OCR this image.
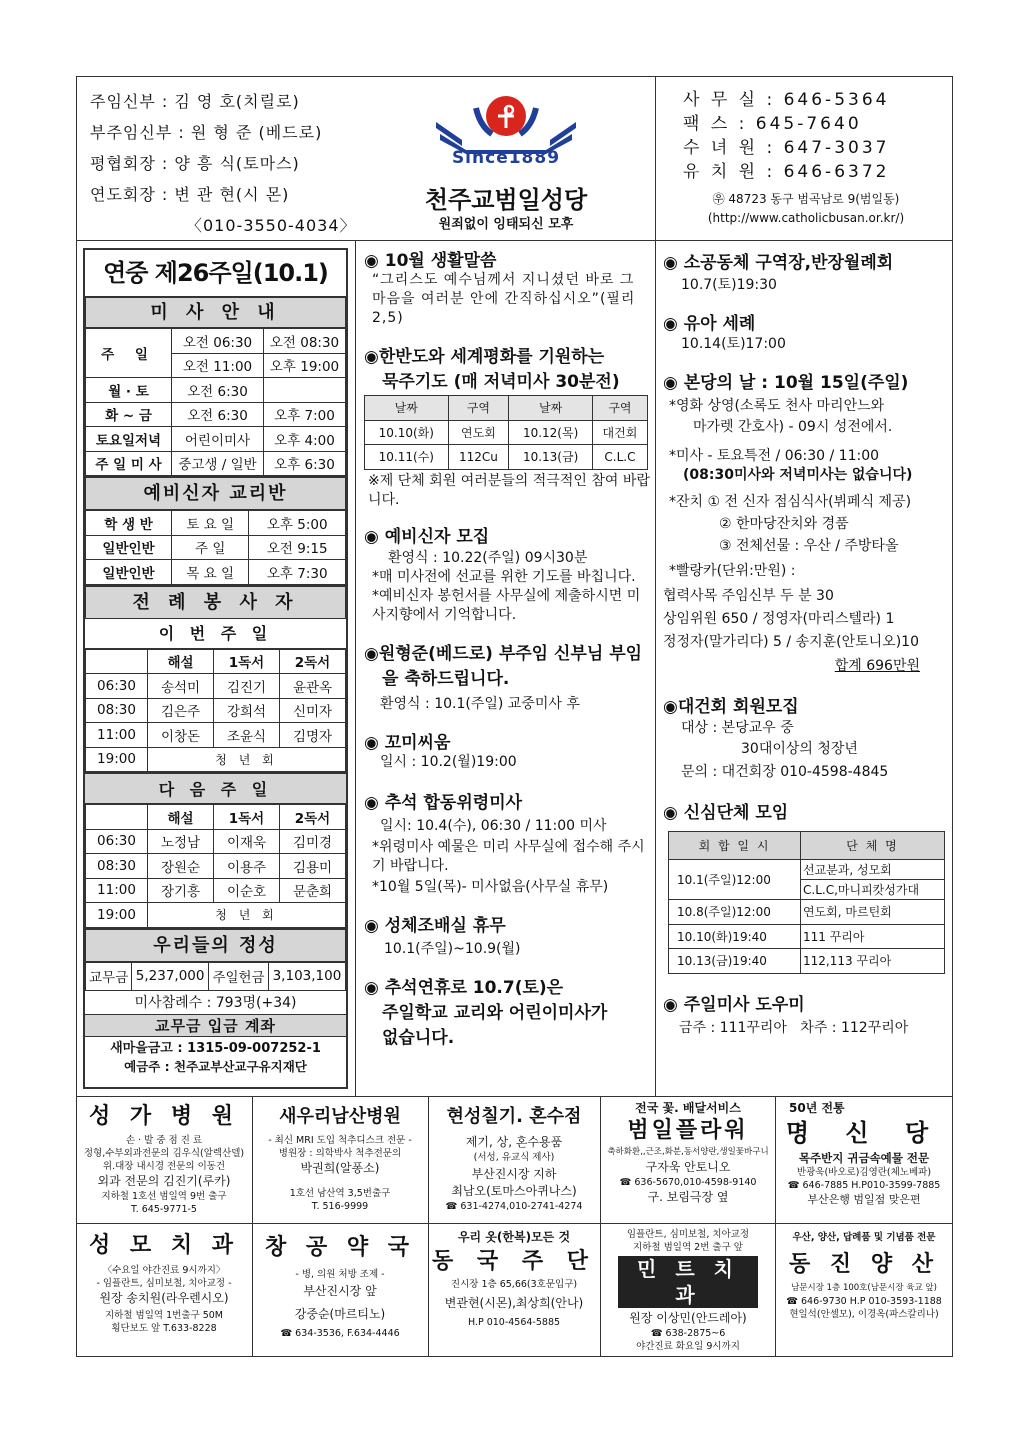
주임신부 : 김 영 호(치릴로)
부주임신부 : 원 형 준 (베드로)
평협회장 : 양 흥 식(토마스)
연도회장 : 변 관 현(시 몬)
〈010-3550-4034〉
Since1889
천주교범일성당
원죄없이 잉태되신 모후
사 무 실 : 646-5364
팩 스 : 645-7640
수 녀 원 : 647-3037
유 치 원 : 646-6372
㉾ 48723 동구 범곡남로 9(범일동)
(http://www.catholicbusan.or.kr/)
연중 제26주일(10.1)
미 사 안 내
주 일	오전 06:30	오전 08:30
	오전 11:00	오후 19:00
월 · 토	오전 6:30	
화 ~ 금	오전 6:30	오후 7:00
토요일저녁	어린이미사	오후 4:00
주 일 미 사	중고생 / 일반	오후 6:30
예비신자 교리반
학 생 반	토 요 일	오후 5:00
일반인반	주 일	오전 9:15
일반인반	목 요 일	오후 7:30
전 례 봉 사 자
이 번 주 일
	해설	1독서	2독서
06:30	송석미	김진기	윤관옥
08:30	김은주	강희석	신미자
11:00	이창돈	조윤식	김명자
19:00	청 년 회		
다 음 주 일
	해설	1독서	2독서
06:30	노정남	이재욱	김미경
08:30	장원순	이용주	김용미
11:00	장기흥	이순호	문춘희
19:00	청 년 회		
우리들의 정성
교무금	5,237,000	주일헌금	3,103,100
미사참례수 : 793명(+34)
교무금 입금 계좌
새마을금고 : 1315-09-007252-1
예금주 : 천주교부산교구유지재단
◉ 10월 생활말씀
“그리스도 예수님께서 지니셨던 바로 그 마음을 여러분 안에 간직하십시오”(필리 2,5)
◉한반도와 세계평화를 기원하는
묵주기도 (매 저녁미사 30분전)
날짜	구역	날짜	구역
10.10(화)	연도회	10.12(목)	대건회
10.11(수)	112Cu	10.13(금)	C.L.C
※제 단체 회원 여러분들의 적극적인 참여 바랍니다.
◉ 예비신자 모집
환영식 : 10.22(주일) 09시30분
*매 미사전에 선교를 위한 기도를 바칩니다.
*예비신자 봉헌서를 사무실에 제출하시면 미사지향에서 기억합니다.
◉원형준(베드로) 부주임 신부님 부임
을 축하드립니다.
환영식 : 10.1(주일) 교중미사 후
◉ 꼬미씨움
일시 : 10.2(월)19:00
◉ 추석 합동위령미사
일시: 10.4(수), 06:30 / 11:00 미사
*위령미사 예물은 미리 사무실에 접수해 주시기 바랍니다.
*10월 5일(목)- 미사없음(사무실 휴무)
◉ 성체조배실 휴무
10.1(주일)~10.9(월)
◉ 추석연휴로 10.7(토)은
주일학교 교리와 어린이미사가
없습니다.
◉ 소공동체 구역장,반장월례회
10.7(토)19:30
◉ 유아 세례
10.14(토)17:00
◉ 본당의 날 : 10월 15일(주일)
*영화 상영(소록도 천사 마리안느와
마가렛 간호사) - 09시 성전에서.
*미사 - 토요특전 / 06:30 / 11:00
(08:30미사와 저녁미사는 없습니다)
*잔치 ① 전 신자 점심식사(뷔페식 제공)
② 한마당잔치와 경품
③ 전체선물 : 우산 / 주방타올
*빨랑카(단위:만원) :
협력사목 주임신부 두 분 30
상임위원 650 / 정영자(마리스텔라) 1
정정자(말가리다) 5 / 송지훈(안토니오)10
합계 696만원
◉대건회 회원모집
대상 : 본당교우 중
30대이상의 청장년
문의 : 대건회장 010-4598-4845
◉ 신심단체 모임
회 합 일 시	단 체 명
10.1(주일)12:00	선교분과, 성모회
	C.L.C,마니피캇성가대
10.8(주일)12:00	연도회, 마르틴회
10.10(화)19:40	111 꾸리아
10.13(금)19:40	112,113 꾸리아
◉ 주일미사 도우미
금주 : 111꾸리아   차주 : 112꾸리아
성 가 병 원
손 · 발 중 점 진 료
정형,수부외과전문의 김우식(알렉산델)
위.대장 내시경 전문의 이동건
외과 전문의 김진기(루카)
지하철 1호선 범일역 9번 출구
T. 645-9771-5
새우리남산병원
- 최신 MRI 도입 척추디스크 전문 -
병원장 : 의학박사 척추전문의
박권희(알퐁소)
1호선 남산역 3,5번출구
T. 516-9999
현성칠기. 혼수점
제기, 상, 혼수용품
(서성, 유교식 제사)
부산진시장 지하
최남오(토마스아퀴나스)
☎ 631-4274,010-2741-4274
전국 꽃. 배달서비스
범일플라워
축하화환,,근조,화분,동서양란,생일꽃바구니
구자욱 안토니오
☎ 636-5670,010-4598-9140
구. 보림극장 옆
50년 전통
명 신 당
목주반지 귀금속예물 전문
반광욱(바오로)김영란(체노베파)
☎ 646-7885 H.P010-3599-7885
부산은행 범일점 맞은편
성 모 치 과
〈수요일 야간진료 9시까지〉
- 임플란트, 심미보철, 치아교정 -
원장 송치원(라우렌시오)
지하철 범일역 1번출구 50M
횡단보도 앞 T.633-8228
창 공 약 국
- 병, 의원 처방 조제 -
부산진시장 앞
강중순(마르티노)
☎ 634-3536, F.634-4446
우리 옷(한복)모든 것
동 국 주 단
진시장 1층 65,66(3호문입구)
변관현(시몬),최상희(안나)
H.P 010-4564-5885
임플란트, 심미보철, 치아교정
지하철 범일역 2번 출구 앞
민 트 치 과
원장 이상민(안드레아)
☎ 638-2875~6
야간진료 화요일 9시까지
우산, 양산, 답례품 및 기념품 전문
동 진 양 산
남문시장 1층 100호(남문시장 육교 앞)
☎ 646-9730 H.P 010-3593-1188
현일석(안셀모), 이경옥(파스칼리나)
